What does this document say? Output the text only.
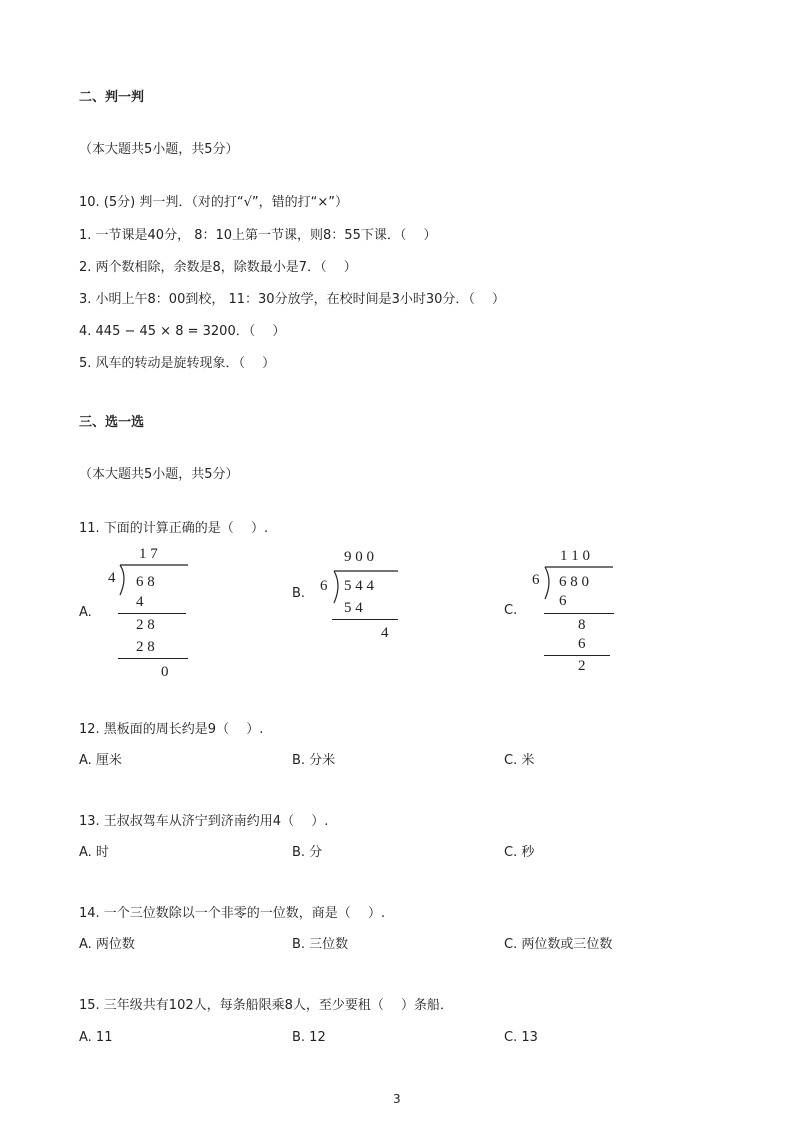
二、判一判
（本大题共5小题，共5分）
10. (5分) 判一判．（对的打“√”，错的打“×”）
1. 一节课是40分， 8：10上第一节课，则8：55下课．（　 ）
2. 两个数相除，余数是8，除数最小是7．（　 ）
3. 小明上午8：00到校， 11：30分放学，在校时间是3小时30分．（　 ）
4. 445 − 45 × 8 = 3200．（　 ）
5. 风车的转动是旋转现象．（　 ）
三、选一选
（本大题共5小题，共5分）
11. 下面的计算正确的是（　 ）.
A.
1 7
4 6 8
4
2 8
2 8
0
B.
9 0 0
6 5 4 4
5 4
4
C.
1 1 0
6 6 8 0
6
8
6
2
12. 黑板面的周长约是9（　 ）.
A. 厘米	B. 分米	C. 米
13. 王叔叔驾车从济宁到济南约用4（　 ）.
A. 时	B. 分	C. 秒
14. 一个三位数除以一个非零的一位数，商是（　 ）.
A. 两位数	B. 三位数	C. 两位数或三位数
15. 三年级共有102人，每条船限乘8人，至少要租（　 ）条船．
A. 11	B. 12	C. 13
3
